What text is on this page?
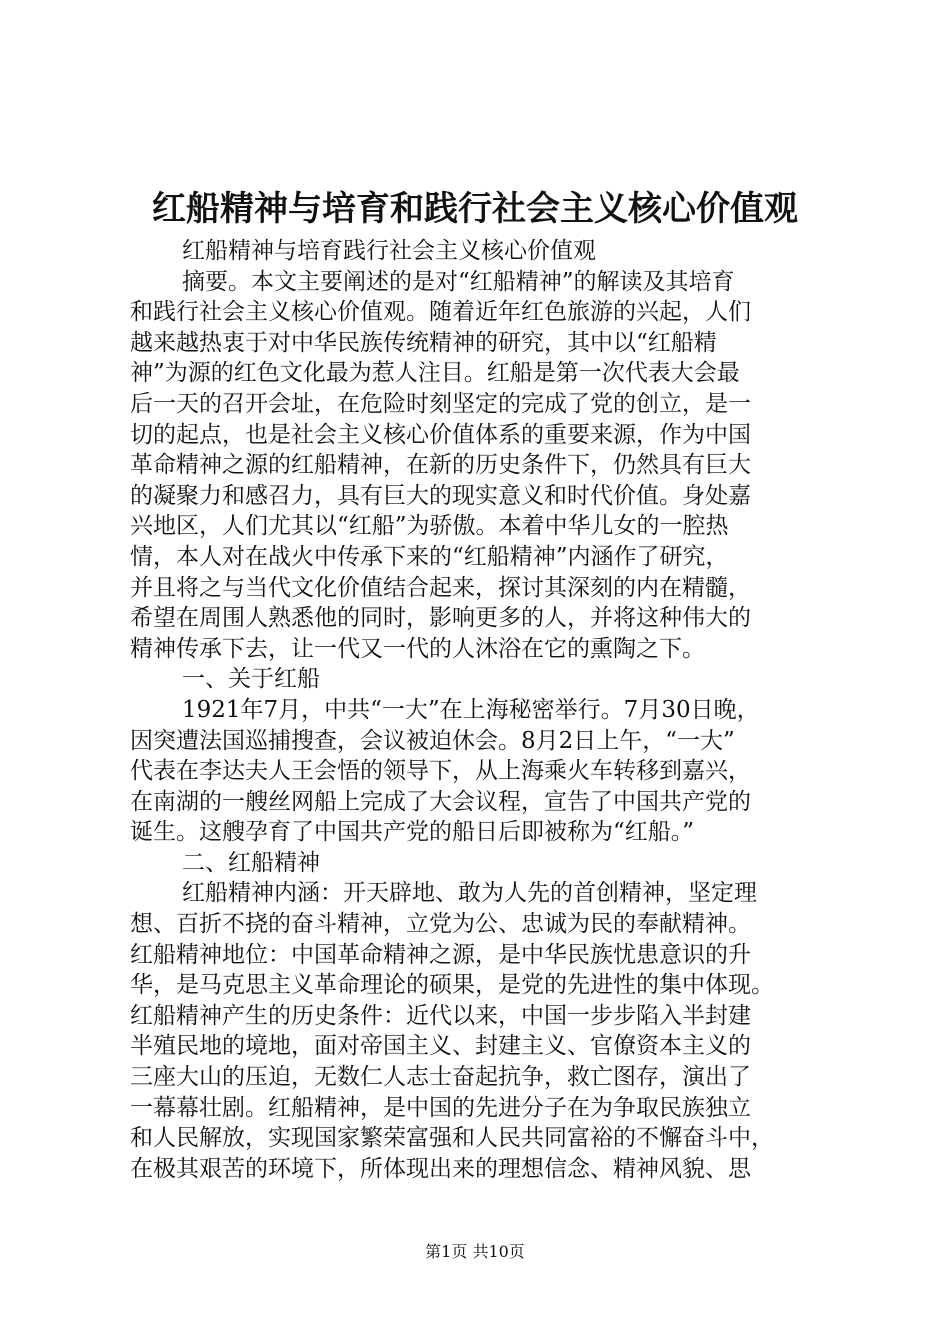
红船精神与培育和践行社会主义核心价值观
红船精神与培育践行社会主义核心价值观
摘要。本文主要阐述的是对“红船精神”的解读及其培育
和践行社会主义核心价值观。随着近年红色旅游的兴起，人们
越来越热衷于对中华民族传统精神的研究，其中以“红船精
神”为源的红色文化最为惹人注目。红船是第一次代表大会最
后一天的召开会址，在危险时刻坚定的完成了党的创立，是一
切的起点，也是社会主义核心价值体系的重要来源，作为中国
革命精神之源的红船精神，在新的历史条件下，仍然具有巨大
的凝聚力和感召力，具有巨大的现实意义和时代价值。身处嘉
兴地区，人们尤其以“红船”为骄傲。本着中华儿女的一腔热
情，本人对在战火中传承下来的“红船精神”内涵作了研究，
并且将之与当代文化价值结合起来，探讨其深刻的内在精髓，
希望在周围人熟悉他的同时，影响更多的人，并将这种伟大的
精神传承下去，让一代又一代的人沐浴在它的熏陶之下。
一、关于红船
1921年7月，中共“一大”在上海秘密举行。7月30日晚，
因突遭法国巡捕搜查，会议被迫休会。8月2日上午，“一大”
代表在李达夫人王会悟的领导下，从上海乘火车转移到嘉兴，
在南湖的一艘丝网船上完成了大会议程，宣告了中国共产党的
诞生。这艘孕育了中国共产党的船日后即被称为“红船。”
二、红船精神
红船精神内涵：开天辟地、敢为人先的首创精神，坚定理
想、百折不挠的奋斗精神，立党为公、忠诚为民的奉献精神。
红船精神地位：中国革命精神之源，是中华民族忧患意识的升
华，是马克思主义革命理论的硕果，是党的先进性的集中体现。
红船精神产生的历史条件：近代以来，中国一步步陷入半封建
半殖民地的境地，面对帝国主义、封建主义、官僚资本主义的
三座大山的压迫，无数仁人志士奋起抗争，救亡图存，演出了
一幕幕壮剧。红船精神，是中国的先进分子在为争取民族独立
和人民解放，实现国家繁荣富强和人民共同富裕的不懈奋斗中，
在极其艰苦的环境下，所体现出来的理想信念、精神风貌、思
第1页 共10页
